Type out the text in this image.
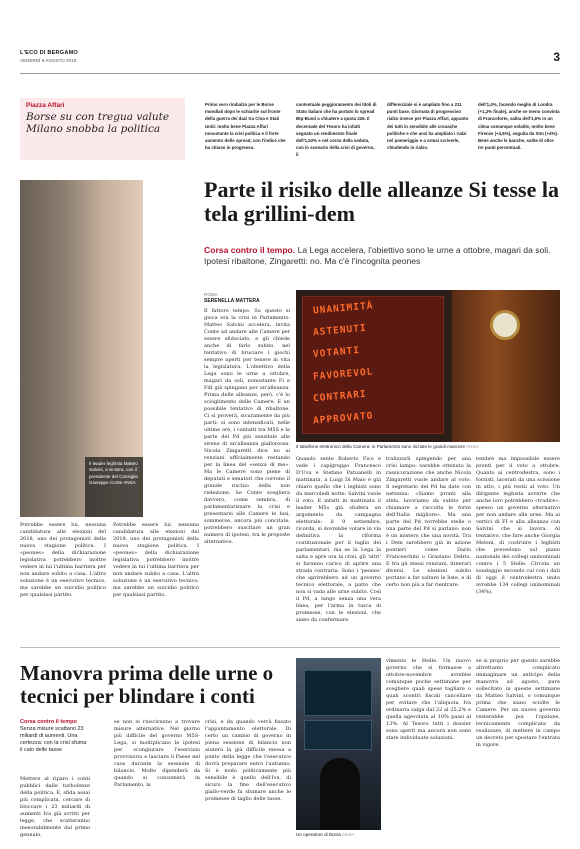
L'ECO DI BERGAMO
VENERDÌ 9 AGOSTO 2019	3
Piazza Affari
Borse su con tregua valute Milano snobba la politica
Primo vero rimbalzo per le Borse mondiali dopo le schiarite sul fronte della guerra dei dazi tra Cina e Stati Uniti: molto bene Piazza Affari nonostante la crisi politica e il forte aumento dello spread, con l'indice che ha chiuso in progresso.
contestuale peggioramento dei titoli di Stato italiani che ha portato lo spread Btp-Bund a chiudere a quota 226. Il decennale del Tesoro ha infatti segnato un rendimento finale dell'1,52% e nel corso della seduta, con lo scenario della crisi di governo, il
differenziale si è ampliato fino a 211 punti base. Giornata di progressivo rialzo invece per Piazza Affari, appunto dei tutti in sensibile alle cronache politiche e che anzi ha ampliato i rialzi nel pomeriggio e a ormai scriverle, chiudendo in rialzo.
dell'1,4%, facendo meglio di Londra (+1,2% finale), anche se meno convinta di Francoforte, salita dell'1,6% in un clima comunque volatile, molto bene Firenze (+4,6%), seguita da Stm (+4%). Bene anche le banche, salite di oltre tre punti percentuali.
Il leader leghista Matteo Salvini, a sinistra, con il presidente del Consiglio Giuseppe Conte ANSA
Parte il risiko delle alleanze Si tesse la tela grillini-dem
Corsa contro il tempo. La Lega accelera, l'obiettivo sono le urne a ottobre, magari da soli. Ipotesi ribaltone, Zingaretti: no. Ma c'è l'incognita peones
ROMA
SERENELLA MATTERA
Il fattore tempo. Su questo si gioca ora la crisi in Parlamento. Matteo Salvini accelera, invita Conte ad andare alle Camere per essere sfiduciato, e gli chiede anche di farlo subito, nel tentativo di bruciare i giochi sempre aperti per tenere in vita la legislatura. L'obiettivo della Lega sono le urne a ottobre, magari da soli, nonostante Fi e FdI già spingano per un'alleanza. Prima delle alleanze, però, c'è lo scioglimento delle Camere. E un possibile tentativo di ribaltone. Ci si proverà, sicuramente da più parti: si sono intensificati, nelle ultime ore, i contatti tra M5S e la parte del Pd più sensibile alle sirene di un'alleanza giallorossa. Nicola Zingaretti dice no ai renziani ufficialmente restando per la linea del «senza di me». Ma le Camere sono piene di deputati e senatori che corrono il grande rischio della non rielezione. Se Conte scegliera davvero, come sembra, di parlamentarizzare la crisi e presentarsi alle Camere le fasi, sommerse, ancora più concitate, potrebbero suscitare un gran numero di ipotesi, tra le proposte alternative.
Potrebbe essere lui, nessuna candidatura alle elezioni del 2018, uno dei protagonisti della nuova stagione politica. I «peones» della dichiarazione legislativa potrebbero inoltre vedere in lui l'ultima barriera per non andare subito a casa. L'altra soluzione è un esecutivo tecnico, ma sarebbe un suicidio politico per qualsiasi partito.
Potrebbe essere lui, nessuna candidatura alle elezioni del 2018, uno dei protagonisti della nuova stagione politica. I «peones» della dichiarazione legislativa potrebbero inoltre vedere in lui l'ultima barriera per non andare subito a casa. L'altra soluzione è un esecutivo tecnico, ma sarebbe un suicidio politico per qualsiasi partito.
Quando sente Roberto Fico e vede i capigruppo Francesco D'Uva e Stefano Patuanelli in mattinata, a Luigi Di Maio è già chiaro quello che i leghisti sono da mercoledì notte: Salvini vuole il voto. E infatti in mattinata il leader M5s già sfodera un argomento da campagna elettorale: il 9 settembre, ricorda, si dovrebbe votare in via definitiva la riforma costituzionale per il taglio dei parlamentari, ma se la Lega la salta e apre ora la crisi, gli 'altri' si faranno carico di aprire una strada contraria. Sono i 'peones' che aprirebbero ad un governo tecnico elettorale, a patto che non si vada alle urne subito. Così il Pd, a lungo senza una vera linea, per l'arma in tasca di promesse, con le elezioni, che siano da confermare.
tralizzarli spingendo per una crisi lampo: sarebbe ottenuto la rassicurazione che anche Nicola Zingaretti vuole andare al voto. Il segretario del Pd ha dato con nettezza: «Siamo pronti alla sfida, lavoriamo da subito per chiamare a raccolta le forze dell'Italia migliore». Ma una parte del Pd vorrebbe stelle o una parte del Pd si parlano: non è un mistero che una novità. Tra i Dem sarebbero già in azione pontieri come Dario Franceschini o Graziano Delrio. E tra gli stessi renziani, itinerari diversi. Le elezioni subito portano a far saltare le liste, e di certo non più a far rientrare.
tembre ma impossibile essere pronti per il voto a ottobre. Quanto ai centrodestra, sono i forzisti, lacerati da una scissione in atto, i più restii al voto. Un dirigente leghista avverte che anche loro potrebbero «tradire», spesso un governo alternativo per non andare alle urne. Ma ai vertici di FI e alla alleanza con Salvini che si lavora. Al tentativo, che fare anche Giorgia Meloni, di costruire i leghisti che prevedono sul piano nazionale dei collegi uninominali contro i 5 Stelle. Circola un sondaggio secondo cui con i dati di oggi il centrodestra unito avrebbe 134 collegi uninominali (34%).
UNANIMITÀ
ASTENUTI
VOTANTI
FAVOREVOL
CONTRARI
APPROVATO
Il tabellone elettronico della Camera: in Parlamento sono iniziate le grandi manovre ANSA
Manovra prima delle urne o tecnici per blindare i conti
Corsa contro il tempo
Senza misure scattano 23 miliardi di aumenti. Una certezza: con la crisi sfuma il calo delle tasse
Mettere al riparo i conti pubblici dalle turbolenze della politica. E, sfida assai più complicata, cercare di bloccare i 23 miliardi di aumenti Iva già scritti per legge, che scatteranno inesorabilmente dal primo gennaio.
se non si riusciranno a trovare misure alternative. Nel giorno più difficile del governo M5S-Lega, si moltiplicano le ipotesi per scongiurare l'esercizio provvisorio e lasciare il Paese nel caos durante la sessione di bilancio. Molto dipenderà da quando si consumerà in Parlamento, la
crisi, e da quando verrà fissato l'appuntamento elettorale. Di certo un cambio di governo in piena sessione di bilancio non aiuterà la già difficile messa a punto della legge che l'esecutivo dovrà preparare entro l'autunno. Si è nodo politicamente più sensibile è quello dell'Iva, di sicuro la fine dell'esecutivo giallo-verde fa sfumare anche le promesse di taglio delle tasse.
vimento le Stelle. Un nuovo governo che si formasse a ottobre-novembre avrebbe comunque poche settimane per scegliere quali spese tagliare o quali scontri fiscali cancellare per evitare che l'aliquota Iva ordinaria salga dal 22 al 25,2% e quella agevolata al 10% passi al 13%. Al Tesoro tutti i dossier sono aperti ma ancora non sono state individuate soluzioni.
se si proprio per questo sarebbe altrettanto complicato immaginare un anticipo della manovra ad agosto, pure sollecitato in queste settimane da Matteo Salvini, o comunque prima che siano sciolte le Camere. Per un nuovo governo resterebbe poi l'opzione, tecnicamente complicata da realizzare, di mettere in campo un decreto per spostare l'entrata in vigore.
Un operatore di Borsa ANSA
